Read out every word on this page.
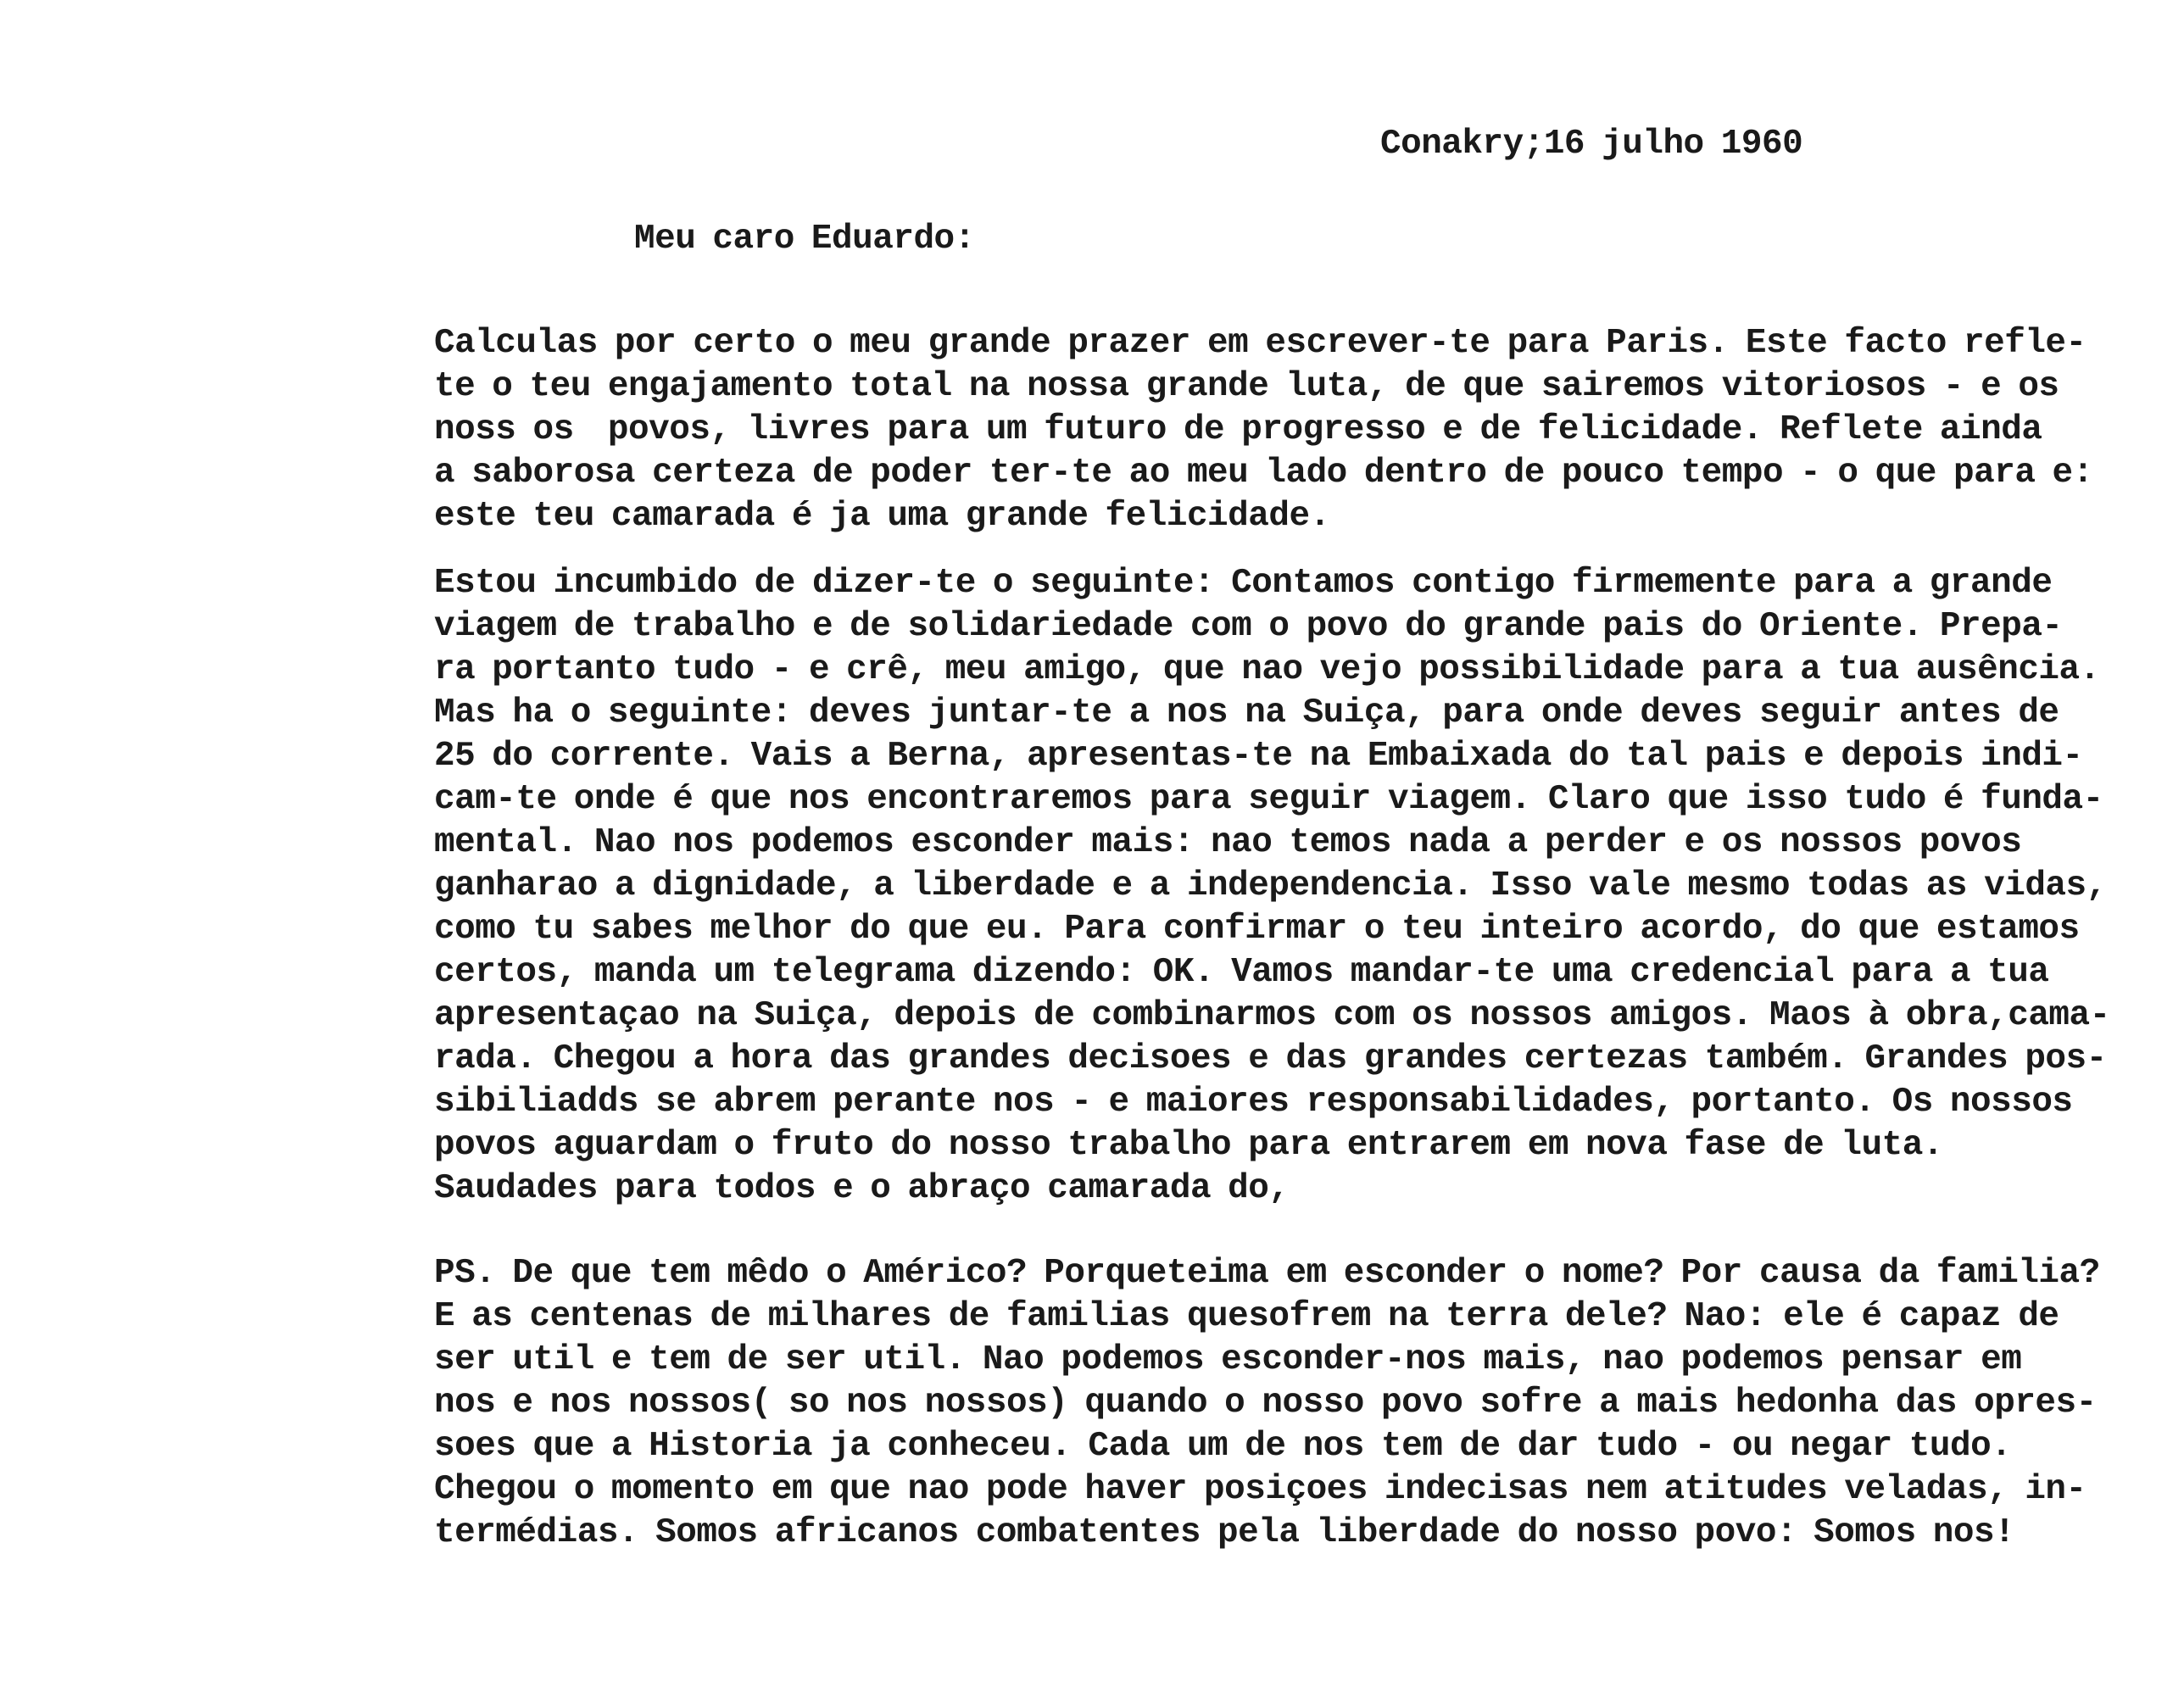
Conakry;16 julho 1960
Meu caro Eduardo:
Calculas por certo o meu grande prazer em escrever-te para Paris. Este facto refle-
te o teu engajamento total na nossa grande luta, de que sairemos vitoriosos - e os
noss os  povos, livres para um futuro de progresso e de felicidade. Reflete ainda
a saborosa certeza de poder ter-te ao meu lado dentro de pouco tempo - o que para e:
este teu camarada é ja uma grande felicidade.
Estou incumbido de dizer-te o seguinte: Contamos contigo firmemente para a grande
viagem de trabalho e de solidariedade com o povo do grande pais do Oriente. Prepa-
ra portanto tudo - e crê, meu amigo, que nao vejo possibilidade para a tua ausência.
Mas ha o seguinte: deves juntar-te a nos na Suiça, para onde deves seguir antes de
25 do corrente. Vais a Berna, apresentas-te na Embaixada do tal pais e depois indi-
cam-te onde é que nos encontraremos para seguir viagem. Claro que isso tudo é funda-
mental. Nao nos podemos esconder mais: nao temos nada a perder e os nossos povos
ganharao a dignidade, a liberdade e a independencia. Isso vale mesmo todas as vidas,
como tu sabes melhor do que eu. Para confirmar o teu inteiro acordo, do que estamos
certos, manda um telegrama dizendo: OK. Vamos mandar-te uma credencial para a tua
apresentaçao na Suiça, depois de combinarmos com os nossos amigos. Maos à obra,cama-
rada. Chegou a hora das grandes decisoes e das grandes certezas também. Grandes pos-
sibiliadds se abrem perante nos - e maiores responsabilidades, portanto. Os nossos
povos aguardam o fruto do nosso trabalho para entrarem em nova fase de luta.
Saudades para todos e o abraço camarada do,
PS. De que tem mêdo o Américo? Porqueteima em esconder o nome? Por causa da familia?
E as centenas de milhares de familias quesofrem na terra dele? Nao: ele é capaz de
ser util e tem de ser util. Nao podemos esconder-nos mais, nao podemos pensar em
nos e nos nossos( so nos nossos) quando o nosso povo sofre a mais hedonha das opres-
soes que a Historia ja conheceu. Cada um de nos tem de dar tudo - ou negar tudo.
Chegou o momento em que nao pode haver posiçoes indecisas nem atitudes veladas, in-
termédias. Somos africanos combatentes pela liberdade do nosso povo: Somos nos!
